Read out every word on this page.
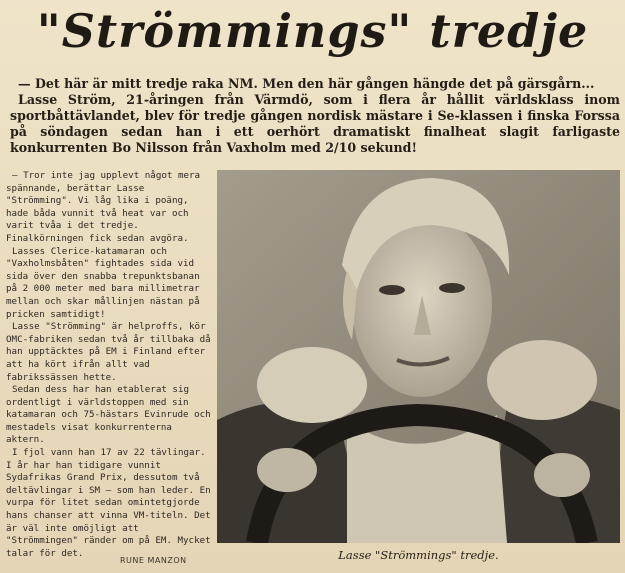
"Strömmings" tredje

— Det här är mitt tredje raka NM. Men den här gången hängde det på gärsgårn...

Lasse Ström, 21-åringen från Värmdö, som i flera år hållit världsklass inom sportbåttävlandet, blev för tredje gången nordisk mästare i Se-klassen i finska Forssa på söndagen sedan han i ett oerhört dramatiskt finalheat slagit farligaste konkurrenten Bo Nilsson från Vaxholm med 2/10 sekund!

— Tror inte jag upplevt något mera spännande, berättar Lasse "Strömming". Vi låg lika i poäng, hade båda vunnit två heat var och varit tvåa i det tredje. Finalkörningen fick sedan avgöra.

Lasses Clerice-katamaran och "Vaxholmsbåten" fightades sida vid sida över den snabba trepunktsbanan på 2 000 meter med bara millimetrar mellan och skar mållinjen nästan på pricken samtidigt!

Lasse "Strömming" är helproffs, kör OMC-fabriken sedan två år tillbaka då han upptäcktes på EM i Finland efter att ha kört ifrån allt vad fabrikssässen hette.

Sedan dess har han etablerat sig ordentligt i världstoppen med sin katamaran och 75-hästars Evinrude och mestadels visat konkurrenterna aktern.

I fjol vann han 17 av 22 tävlingar. I år har han tidigare vunnit Sydafrikas Grand Prix, dessutom två deltävlingar i SM — som han leder. En vurpa för litet sedan omintetgjorde hans chanser att vinna VM-titeln. Det är väl inte omöjligt att "Strömmingen" ränder om på EM. Mycket talar för det.

RUNE MANZON	Lasse "Strömmings" tredje.
